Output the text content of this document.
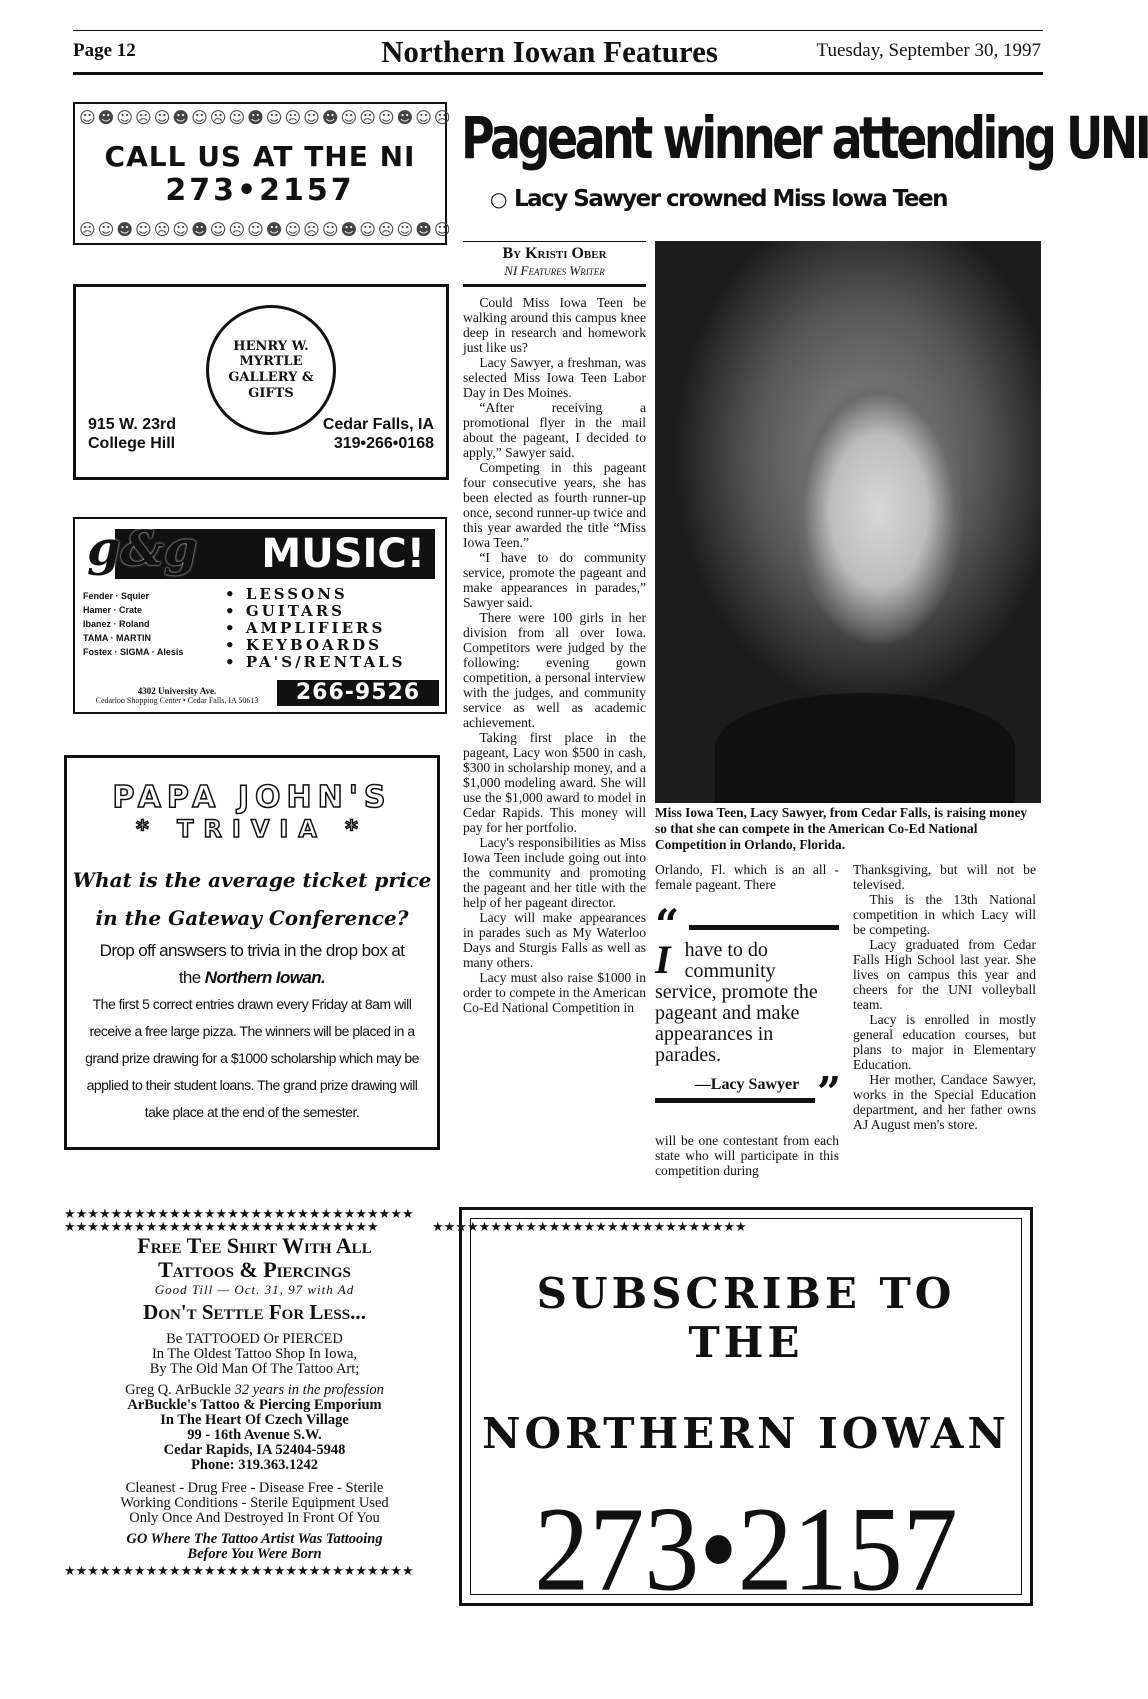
Page 12	Northern Iowan Features	Tuesday, September 30, 1997
☺☻☺☹☺☻☺☹☺☻☺☹☺☻☺☹☺☻☺☹
CALL US AT THE NI
273•2157
☹☺☻☺☹☺☻☺☹☺☻☺☹☺☻☺☹☺☻☺
HENRY W. MYRTLE GALLERY & GIFTS
915 W. 23rd
College Hill
Cedar Falls, IA
319•266•0168
MUSIC!
g&g
Fender · Squier
Hamer · Crate
Ibanez · Roland
TAMA · MARTIN
Fostex · SIGMA · Alesis
• LESSONS
• GUITARS
• AMPLIFIERS
• KEYBOARDS
• PA'S/RENTALS
266-9526
4302 University Ave.
Cedarloo Shopping Center • Cedar Falls, IA 50613
PAPA JOHN'S
* TRIVIA *
What is the average ticket price
in the Gateway Conference?
Drop off answsers to trivia in the drop box at
the Northern Iowan.
The first 5 correct entries drawn every Friday at 8am will receive a free large pizza. The winners will be placed in a grand prize drawing for a $1000 scholarship which may be applied to their student loans. The grand prize drawing will take place at the end of the semester.
★★★★★★★★★★★★★★★★★★★★★★★★★★★★★★
★★★★★★★★★★★★★★★★★★★★★★★★★★★★★★
★★★★★★★★★★★★★★★★★★★★★★★★★★★	★★★★★★★★★★★★★★★★★★★★★★★★★★★
Free Tee Shirt With All
Tattoos & Piercings
Good Till — Oct. 31, 97 with Ad
Don't Settle For Less...
Be TATTOOED Or PIERCED
In The Oldest Tattoo Shop In Iowa,
By The Old Man Of The Tattoo Art;
Greg Q. ArBuckle 32 years in the profession
ArBuckle's Tattoo & Piercing Emporium
In The Heart Of Czech Village
99 - 16th Avenue S.W.
Cedar Rapids, IA 52404-5948
Phone: 319.363.1242
Cleanest - Drug Free - Disease Free - Sterile
Working Conditions - Sterile Equipment Used
Only Once And Destroyed In Front Of You
GO Where The Tattoo Artist Was Tattooing
Before You Were Born
Pageant winner attending UNI
○ Lacy Sawyer crowned Miss Iowa Teen
By Kristi Ober
NI Features Writer

Could Miss Iowa Teen be walking around this campus knee deep in research and homework just like us?

Lacy Sawyer, a freshman, was selected Miss Iowa Teen Labor Day in Des Moines.

“After receiving a promotional flyer in the mail about the pageant, I decided to apply,” Sawyer said.

Competing in this pageant four consecutive years, she has been elected as fourth runner-up once, second runner-up twice and this year awarded the title “Miss Iowa Teen.”

“I have to do community service, promote the pageant and make appearances in parades,” Sawyer said.

There were 100 girls in her division from all over Iowa. Competitors were judged by the following: evening gown competition, a personal interview with the judges, and community service as well as academic achievement.

Taking first place in the pageant, Lacy won $500 in cash, $300 in scholarship money, and a $1,000 modeling award. She will use the $1,000 award to model in Cedar Rapids. This money will pay for her portfolio.

Lacy's responsibilities as Miss Iowa Teen include going out into the community and promoting the pageant and her title with the help of her pageant director.

Lacy will make appearances in parades such as My Waterloo Days and Sturgis Falls as well as many others.

Lacy must also raise $1000 in order to compete in the American Co-Ed National Competition in

Miss Iowa Teen, Lacy Sawyer, from Cedar Falls, is raising money so that she can compete in the American Co-Ed National Competition in Orlando, Florida.

Orlando, Fl. which is an all -female pageant. There

“
Ihave to do community service, promote the pageant and make appearances in parades.
—Lacy Sawyer ”

will be one contestant from each state who will participate in this competition during

Thanksgiving, but will not be televised.

This is the 13th National competition in which Lacy will be competing.

Lacy graduated from Cedar Falls High School last year. She lives on campus this year and cheers for the UNI volleyball team.

Lacy is enrolled in mostly general education courses, but plans to major in Elementary Education.

Her mother, Candace Sawyer, works in the Special Education department, and her father owns AJ August men's store.

SUBSCRIBE TO THE
NORTHERN IOWAN
273•2157
